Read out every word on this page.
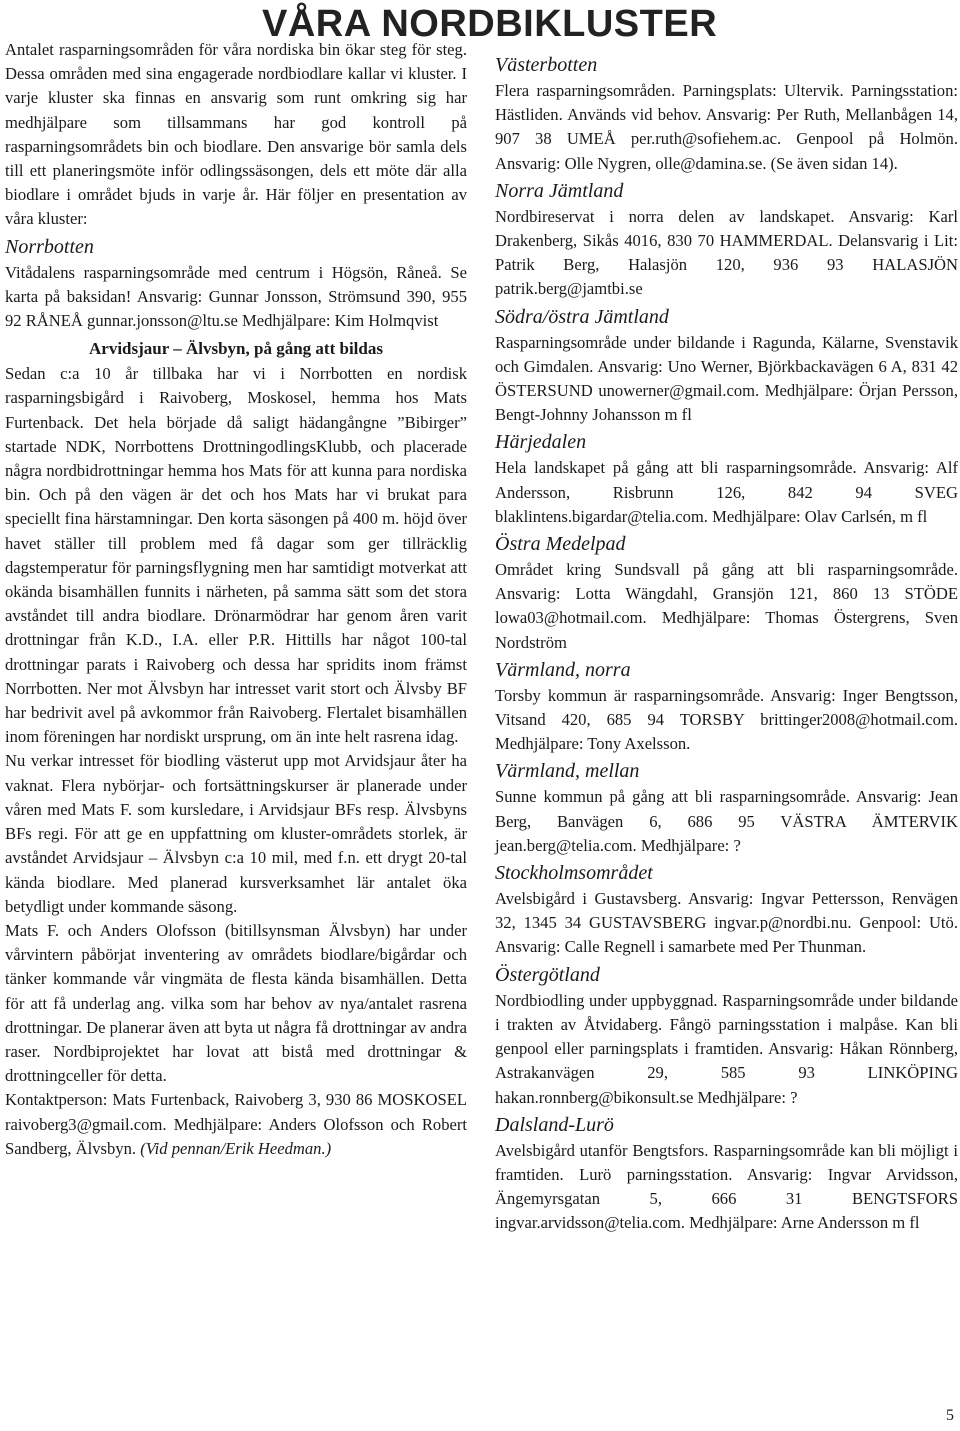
VÅRA NORDBIKLUSTER

Antalet rasparningsområden för våra nordiska bin ökar steg för steg. Dessa områden med sina engagerade nordbiodlare kallar vi kluster. I varje kluster ska finnas en ansvarig som runt omkring sig har medhjälpare som tillsammans har god kontroll på rasparningsområdets bin och biodlare. Den ansvarige bör samla dels till ett planeringsmöte inför odlingssäsongen, dels ett möte där alla biodlare i området bjuds in varje år. Här följer en presentation av våra kluster:

Norrbotten

Vitådalens rasparningsområde med centrum i Högsön, Råneå. Se karta på baksidan! Ansvarig: Gunnar Jonsson, Strömsund 390, 955 92 RÅNEÅ gunnar.jonsson@ltu.se Medhjälpare: Kim Holmqvist

Arvidsjaur – Älvsbyn, på gång att bildas

Sedan c:a 10 år tillbaka har vi i Norrbotten en nordisk rasparningsbigård i Raivoberg, Moskosel, hemma hos Mats Furtenback. Det hela började då saligt hädangångne ”Bibirger” startade NDK, Norrbottens DrottningodlingsKlubb, och placerade några nordbidrottningar hemma hos Mats för att kunna para nordiska bin. Och på den vägen är det och hos Mats har vi brukat para speciellt fina härstamningar. Den korta säsongen på 400 m. höjd över havet ställer till problem med få dagar som ger tillräcklig dagstemperatur för parningsflygning men har samtidigt motverkat att okända bisamhällen funnits i närheten, på samma sätt som det stora avståndet till andra biodlare. Drönarmödrar har genom åren varit drottningar från K.D., I.A. eller P.R. Hittills har något 100-tal drottningar parats i Raivoberg och dessa har spridits inom främst Norrbotten. Ner mot Älvsbyn har intresset varit stort och Älvsby BF har bedrivit avel på avkommor från Raivoberg. Flertalet bisamhällen inom föreningen har nordiskt ursprung, om än inte helt rasrena idag.

Nu verkar intresset för biodling västerut upp mot Arvidsjaur åter ha vaknat. Flera nybörjar- och fortsättningskurser är planerade under våren med Mats F. som kursledare, i Arvidsjaur BFs resp. Älvsbyns BFs regi. För att ge en uppfattning om kluster-områdets storlek, är avståndet Arvidsjaur – Älvsbyn c:a 10 mil, med f.n. ett drygt 20-tal kända biodlare. Med planerad kursverksamhet lär antalet öka betydligt under kommande säsong.

Mats F. och Anders Olofsson (bitillsynsman Älvsbyn) har under vårvintern påbörjat inventering av områdets biodlare/bigårdar och tänker kommande vår vingmäta de flesta kända bisamhällen. Detta för att få underlag ang. vilka som har behov av nya/antalet rasrena drottningar. De planerar även att byta ut några få drottningar av andra raser. Nordbiprojektet har lovat att bistå med drottningar & drottningceller för detta.

Kontaktperson: Mats Furtenback, Raivoberg 3, 930 86 MOSKOSEL raivoberg3@gmail.com. Medhjälpare: Anders Olofsson och Robert Sandberg, Älvsbyn. (Vid pennan/Erik Heedman.)

Västerbotten

Flera rasparningsområden. Parningsplats: Ultervik. Parningsstation: Hästliden. Används vid behov. Ansvarig: Per Ruth, Mellanbågen 14, 907 38 UMEÅ per.ruth@sofiehem.ac. Genpool på Holmön. Ansvarig: Olle Nygren, olle@damina.se. (Se även sidan 14).

Norra Jämtland

Nordbireservat i norra delen av landskapet. Ansvarig: Karl Drakenberg, Sikås 4016, 830 70 HAMMERDAL. Delansvarig i Lit: Patrik Berg, Halasjön 120, 936 93 HALASJÖN patrik.berg@jamtbi.se

Södra/östra Jämtland

Rasparningsområde under bildande i Ragunda, Kälarne, Svenstavik och Gimdalen. Ansvarig: Uno Werner, Björkbackavägen 6 A, 831 42 ÖSTERSUND unowerner@gmail.com. Medhjälpare: Örjan Persson, Bengt-Johnny Johansson m fl

Härjedalen

Hela landskapet på gång att bli rasparningsområde. Ansvarig: Alf Andersson, Risbrunn 126, 842 94 SVEG blaklintens.bigardar@telia.com. Medhjälpare: Olav Carlsén, m fl

Östra Medelpad

Området kring Sundsvall på gång att bli rasparningsområde. Ansvarig: Lotta Wängdahl, Gransjön 121, 860 13 STÖDE lowa03@hotmail.com. Medhjälpare: Thomas Östergrens, Sven Nordström

Värmland, norra

Torsby kommun är rasparningsområde. Ansvarig: Inger Bengtsson, Vitsand 420, 685 94 TORSBY brittinger2008@hotmail.com. Medhjälpare: Tony Axelsson.

Värmland, mellan

Sunne kommun på gång att bli rasparningsområde. Ansvarig: Jean Berg, Banvägen 6, 686 95 VÄSTRA ÄMTERVIK jean.berg@telia.com. Medhjälpare: ?

Stockholmsområdet

Avelsbigård i Gustavsberg. Ansvarig: Ingvar Pettersson, Renvägen 32, 1345 34 GUSTAVSBERG ingvar.p@nordbi.nu. Genpool: Utö. Ansvarig: Calle Regnell i samarbete med Per Thunman.

Östergötland

Nordbiodling under uppbyggnad. Rasparningsområde under bildande i trakten av Åtvidaberg. Fångö parningsstation i malpåse. Kan bli genpool eller parningsplats i framtiden. Ansvarig: Håkan Rönnberg, Astrakanvägen 29, 585 93 LINKÖPING hakan.ronnberg@bikonsult.se Medhjälpare: ?

Dalsland-Lurö

Avelsbigård utanför Bengtsfors. Rasparningsområde kan bli möjligt i framtiden. Lurö parningsstation. Ansvarig: Ingvar Arvidsson, Ängemyrsgatan 5, 666 31 BENGTSFORS ingvar.arvidsson@telia.com. Medhjälpare: Arne Andersson m fl

5
